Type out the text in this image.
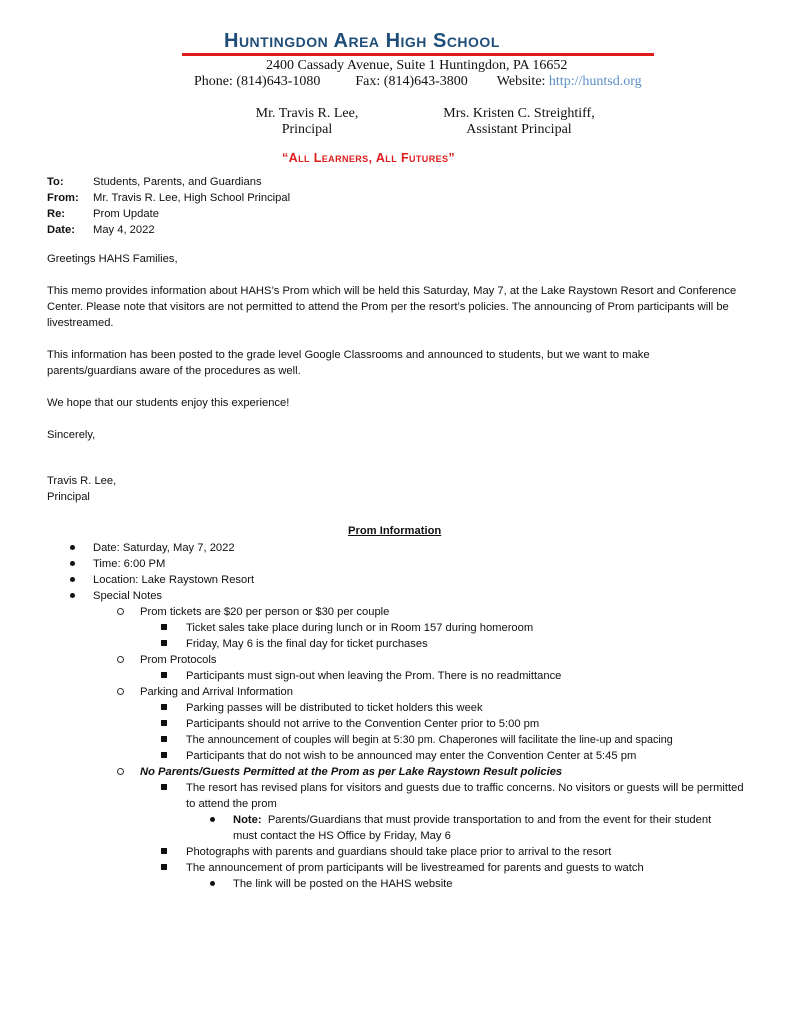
Huntingdon Area High School
2400 Cassady Avenue, Suite 1 Huntingdon, PA 16652
Phone: (814)643-1080	Fax: (814)643-3800 Website: http://huntsd.org
Mr. Travis R. Lee,
Principal
Mrs. Kristen C. Streightiff,
Assistant Principal
“All Learners, All Futures”
To:	Students, Parents, and Guardians
From:	Mr. Travis R. Lee, High School Principal
Re:	Prom Update
Date:	May 4, 2022
Greetings HAHS Families,
This memo provides information about HAHS’s Prom which will be held this Saturday, May 7, at the Lake Raystown Resort and Conference Center. Please note that visitors are not permitted to attend the Prom per the resort’s policies. The announcing of Prom participants will be livestreamed.
This information has been posted to the grade level Google Classrooms and announced to students, but we want to make parents/guardians aware of the procedures as well.
We hope that our students enjoy this experience!
Sincerely,
Travis R. Lee,
Principal
Prom Information
Date: Saturday, May 7, 2022
Time: 6:00 PM
Location: Lake Raystown Resort
Special Notes
Prom tickets are $20 per person or $30 per couple
Ticket sales take place during lunch or in Room 157 during homeroom
Friday, May 6 is the final day for ticket purchases
Prom Protocols
Participants must sign-out when leaving the Prom. There is no readmittance
Parking and Arrival Information
Parking passes will be distributed to ticket holders this week
Participants should not arrive to the Convention Center prior to 5:00 pm
The announcement of couples will begin at 5:30 pm. Chaperones will facilitate the line-up and spacing
Participants that do not wish to be announced may enter the Convention Center at 5:45 pm
No Parents/Guests Permitted at the Prom as per Lake Raystown Result policies
The resort has revised plans for visitors and guests due to traffic concerns. No visitors or guests will be permitted to attend the prom
Note: Parents/Guardians that must provide transportation to and from the event for their student must contact the HS Office by Friday, May 6
Photographs with parents and guardians should take place prior to arrival to the resort
The announcement of prom participants will be livestreamed for parents and guests to watch
The link will be posted on the HAHS website
